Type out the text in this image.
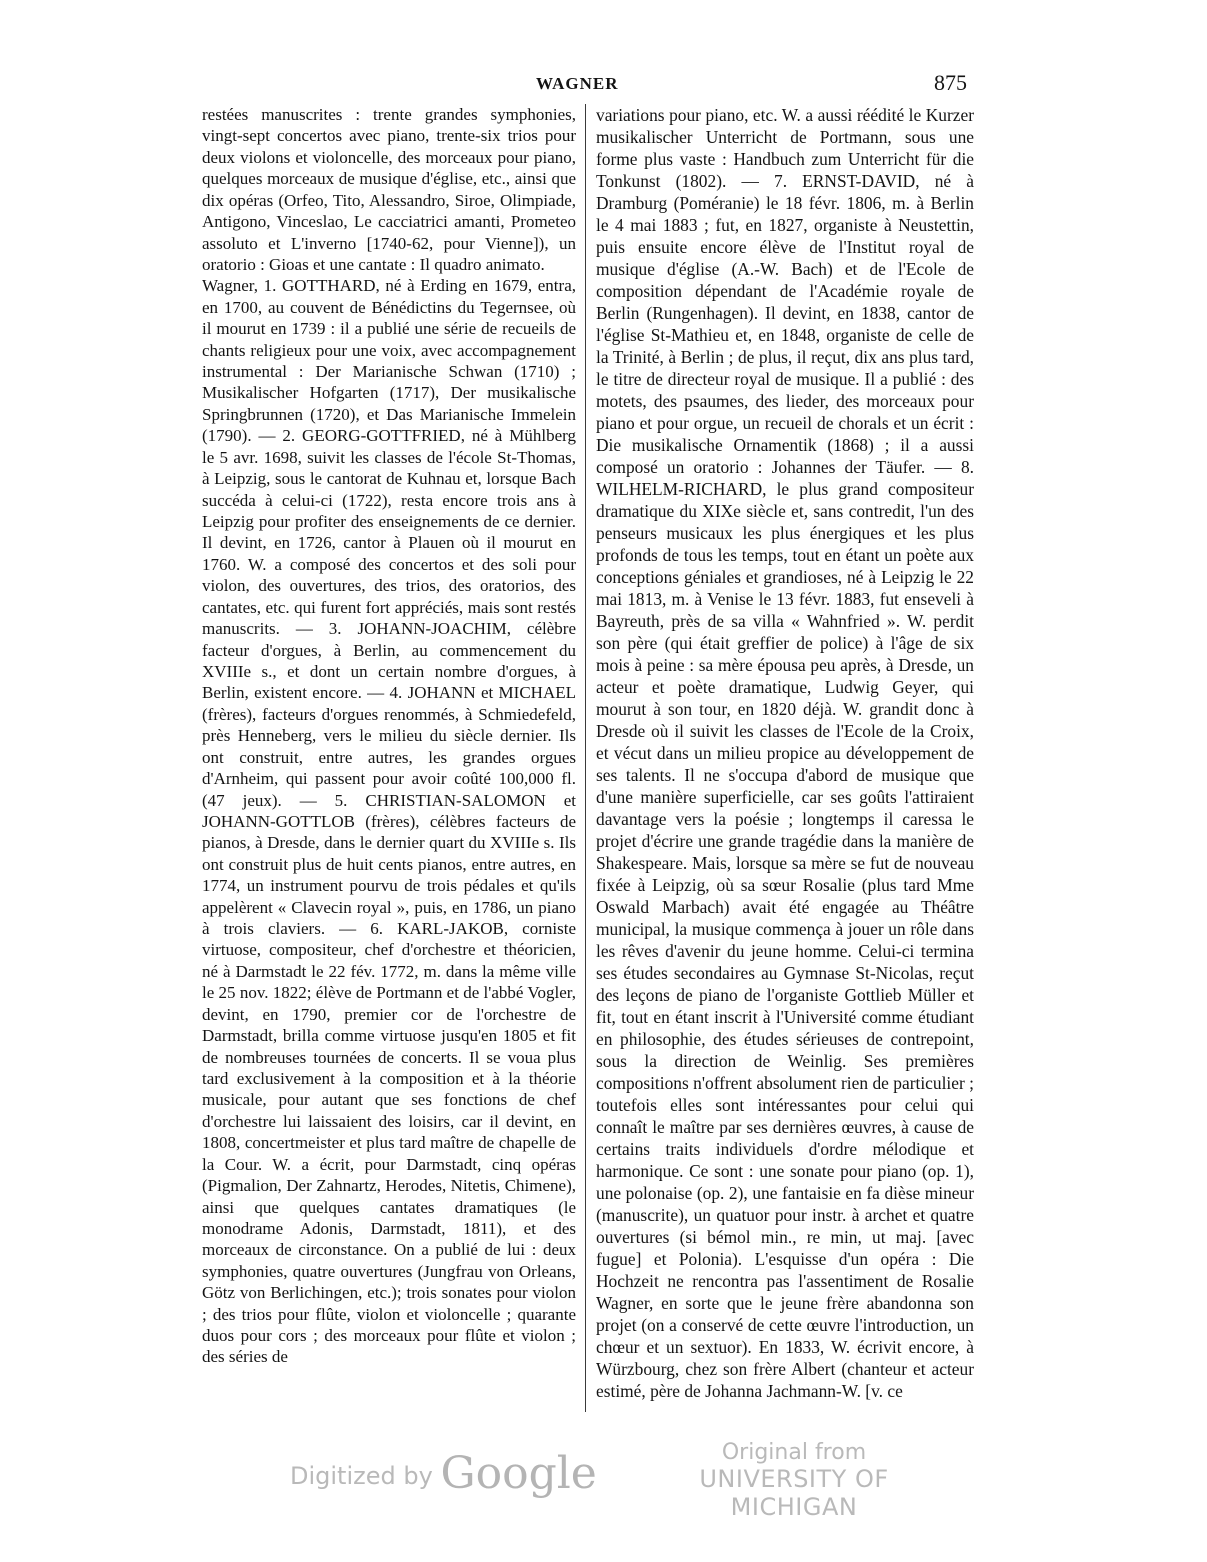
WAGNER	875

restées manuscrites : trente grandes symphonies, vingt-sept concertos avec piano, trente-six trios pour deux violons et violoncelle, des morceaux pour piano, quelques morceaux de musique d'église, etc., ainsi que dix opéras (Orfeo, Tito, Alessandro, Siroe, Olimpiade, Antigono, Vinceslao, Le cacciatrici amanti, Prometeo assoluto et L'inverno [1740-62, pour Vienne]), un oratorio : Gioas et une cantate : Il quadro animato.

Wagner, 1. GOTTHARD, né à Erding en 1679, entra, en 1700, au couvent de Bénédictins du Tegernsee, où il mourut en 1739 : il a publié une série de recueils de chants religieux pour une voix, avec accompagnement instrumental : Der Marianische Schwan (1710) ; Musikalischer Hofgarten (1717), Der musikalische Springbrunnen (1720), et Das Marianische Immelein (1790). — 2. GEORG-GOTTFRIED, né à Mühlberg le 5 avr. 1698, suivit les classes de l'école St-Thomas, à Leipzig, sous le cantorat de Kuhnau et, lorsque Bach succéda à celui-ci (1722), resta encore trois ans à Leipzig pour profiter des enseignements de ce dernier. Il devint, en 1726, cantor à Plauen où il mourut en 1760. W. a composé des concertos et des soli pour violon, des ouvertures, des trios, des oratorios, des cantates, etc. qui furent fort appréciés, mais sont restés manuscrits. — 3. JOHANN-JOACHIM, célèbre facteur d'orgues, à Berlin, au commencement du XVIIIe s., et dont un certain nombre d'orgues, à Berlin, existent encore. — 4. JOHANN et MICHAEL (frères), facteurs d'orgues renommés, à Schmiedefeld, près Henneberg, vers le milieu du siècle dernier. Ils ont construit, entre autres, les grandes orgues d'Arnheim, qui passent pour avoir coûté 100,000 fl. (47 jeux). — 5. CHRISTIAN-SALOMON et JOHANN-GOTTLOB (frères), célèbres facteurs de pianos, à Dresde, dans le dernier quart du XVIIIe s. Ils ont construit plus de huit cents pianos, entre autres, en 1774, un instrument pourvu de trois pédales et qu'ils appelèrent « Clavecin royal », puis, en 1786, un piano à trois claviers. — 6. KARL-JAKOB, corniste virtuose, compositeur, chef d'orchestre et théoricien, né à Darmstadt le 22 fév. 1772, m. dans la même ville le 25 nov. 1822; élève de Portmann et de l'abbé Vogler, devint, en 1790, premier cor de l'orchestre de Darmstadt, brilla comme virtuose jusqu'en 1805 et fit de nombreuses tournées de concerts. Il se voua plus tard exclusivement à la composition et à la théorie musicale, pour autant que ses fonctions de chef d'orchestre lui laissaient des loisirs, car il devint, en 1808, concertmeister et plus tard maître de chapelle de la Cour. W. a écrit, pour Darmstadt, cinq opéras (Pigmalion, Der Zahnartz, Herodes, Nitetis, Chimene), ainsi que quelques cantates dramatiques (le monodrame Adonis, Darmstadt, 1811), et des morceaux de circonstance. On a publié de lui : deux symphonies, quatre ouvertures (Jungfrau von Orleans, Götz von Berlichingen, etc.); trois sonates pour violon ; des trios pour flûte, violon et violoncelle ; quarante duos pour cors ; des morceaux pour flûte et violon ; des séries de

variations pour piano, etc. W. a aussi réédité le Kurzer musikalischer Unterricht de Portmann, sous une forme plus vaste : Handbuch zum Unterricht für die Tonkunst (1802). — 7. ERNST-DAVID, né à Dramburg (Poméranie) le 18 févr. 1806, m. à Berlin le 4 mai 1883 ; fut, en 1827, organiste à Neustettin, puis ensuite encore élève de l'Institut royal de musique d'église (A.-W. Bach) et de l'Ecole de composition dépendant de l'Académie royale de Berlin (Rungenhagen). Il devint, en 1838, cantor de l'église St-Mathieu et, en 1848, organiste de celle de la Trinité, à Berlin ; de plus, il reçut, dix ans plus tard, le titre de directeur royal de musique. Il a publié : des motets, des psaumes, des lieder, des morceaux pour piano et pour orgue, un recueil de chorals et un écrit : Die musikalische Ornamentik (1868) ; il a aussi composé un oratorio : Johannes der Täufer. — 8. WILHELM-RICHARD, le plus grand compositeur dramatique du XIXe siècle et, sans contredit, l'un des penseurs musicaux les plus énergiques et les plus profonds de tous les temps, tout en étant un poète aux conceptions géniales et grandioses, né à Leipzig le 22 mai 1813, m. à Venise le 13 févr. 1883, fut enseveli à Bayreuth, près de sa villa « Wahnfried ». W. perdit son père (qui était greffier de police) à l'âge de six mois à peine : sa mère épousa peu après, à Dresde, un acteur et poète dramatique, Ludwig Geyer, qui mourut à son tour, en 1820 déjà. W. grandit donc à Dresde où il suivit les classes de l'Ecole de la Croix, et vécut dans un milieu propice au développement de ses talents. Il ne s'occupa d'abord de musique que d'une manière superficielle, car ses goûts l'attiraient davantage vers la poésie ; longtemps il caressa le projet d'écrire une grande tragédie dans la manière de Shakespeare. Mais, lorsque sa mère se fut de nouveau fixée à Leipzig, où sa sœur Rosalie (plus tard Mme Oswald Marbach) avait été engagée au Théâtre municipal, la musique commença à jouer un rôle dans les rêves d'avenir du jeune homme. Celui-ci termina ses études secondaires au Gymnase St-Nicolas, reçut des leçons de piano de l'organiste Gottlieb Müller et fit, tout en étant inscrit à l'Université comme étudiant en philosophie, des études sérieuses de contrepoint, sous la direction de Weinlig. Ses premières compositions n'offrent absolument rien de particulier ; toutefois elles sont intéressantes pour celui qui connaît le maître par ses dernières œuvres, à cause de certains traits individuels d'ordre mélodique et harmonique. Ce sont : une sonate pour piano (op. 1), une polonaise (op. 2), une fantaisie en fa dièse mineur (manuscrite), un quatuor pour instr. à archet et quatre ouvertures (si bémol min., re min, ut maj. [avec fugue] et Polonia). L'esquisse d'un opéra : Die Hochzeit ne rencontra pas l'assentiment de Rosalie Wagner, en sorte que le jeune frère abandonna son projet (on a conservé de cette œuvre l'introduction, un chœur et un sextuor). En 1833, W. écrivit encore, à Würzbourg, chez son frère Albert (chanteur et acteur estimé, père de Johanna Jachmann-W. [v. ce

Digitized by Google	Original from
UNIVERSITY OF MICHIGAN
